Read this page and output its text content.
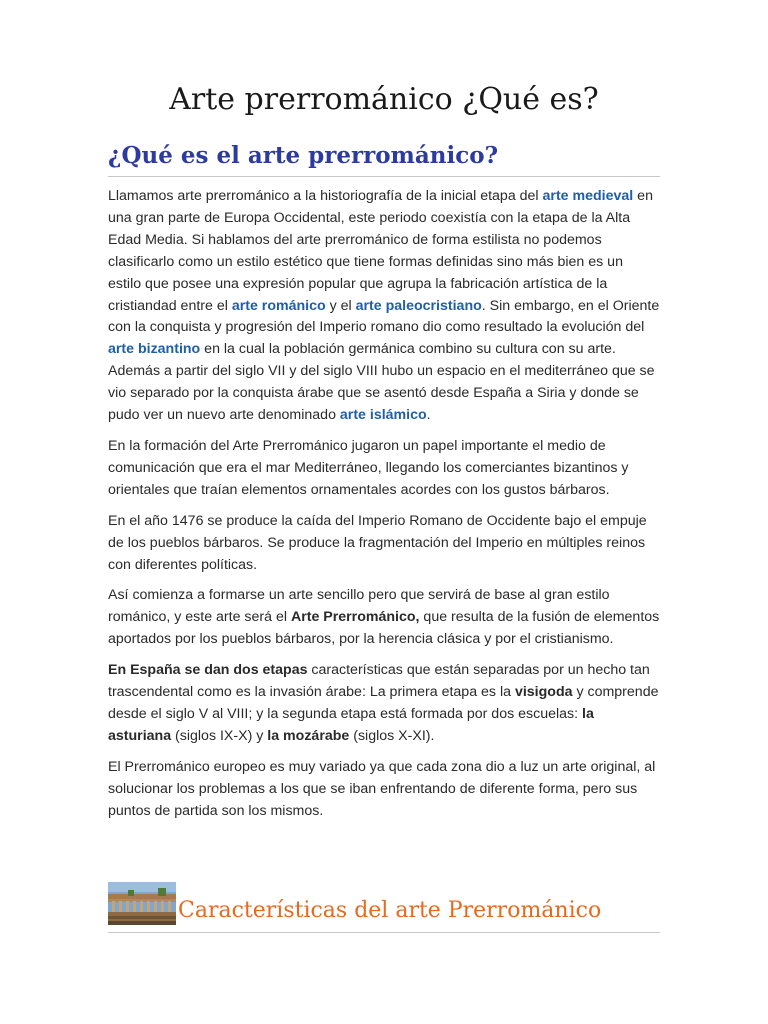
Arte prerrománico ¿Qué es?
¿Qué es el arte prerrománico?

Llamamos arte prerrománico a la historiografía de la inicial etapa del arte medieval en una gran parte de Europa Occidental, este periodo coexistía con la etapa de la Alta Edad Media. Si hablamos del arte prerrománico de forma estilista no podemos clasificarlo como un estilo estético que tiene formas definidas sino más bien es un estilo que posee una expresión popular que agrupa la fabricación artística de la cristiandad entre el arte románico y el arte paleocristiano. Sin embargo, en el Oriente con la conquista y progresión del Imperio romano dio como resultado la evolución del arte bizantino en la cual la población germánica combino su cultura con su arte. Además a partir del siglo VII y del siglo VIII hubo un espacio en el mediterráneo que se vio separado por la conquista árabe que se asentó desde España a Siria y donde se pudo ver un nuevo arte denominado arte islámico.

En la formación del Arte Prerrománico jugaron un papel importante el medio de comunicación que era el mar Mediterráneo, llegando los comerciantes bizantinos y orientales que traían elementos ornamentales acordes con los gustos bárbaros.

En el año 1476 se produce la caída del Imperio Romano de Occidente bajo el empuje de los pueblos bárbaros. Se produce la fragmentación del Imperio en múltiples reinos con diferentes políticas.

Así comienza a formarse un arte sencillo pero que servirá de base al gran estilo románico, y este arte será el Arte Prerrománico, que resulta de la fusión de elementos aportados por los pueblos bárbaros, por la herencia clásica y por el cristianismo.

En España se dan dos etapas características que están separadas por un hecho tan trascendental como es la invasión árabe: La primera etapa es la visigoda y comprende desde el siglo V al VIII; y la segunda etapa está formada por dos escuelas: la asturiana (siglos IX-X) y la mozárabe (siglos X-XI).

El Prerrománico europeo es muy variado ya que cada zona dio a luz un arte original, al solucionar los problemas a los que se iban enfrentando de diferente forma, pero sus puntos de partida son los mismos.

Características del arte Prerrománico
